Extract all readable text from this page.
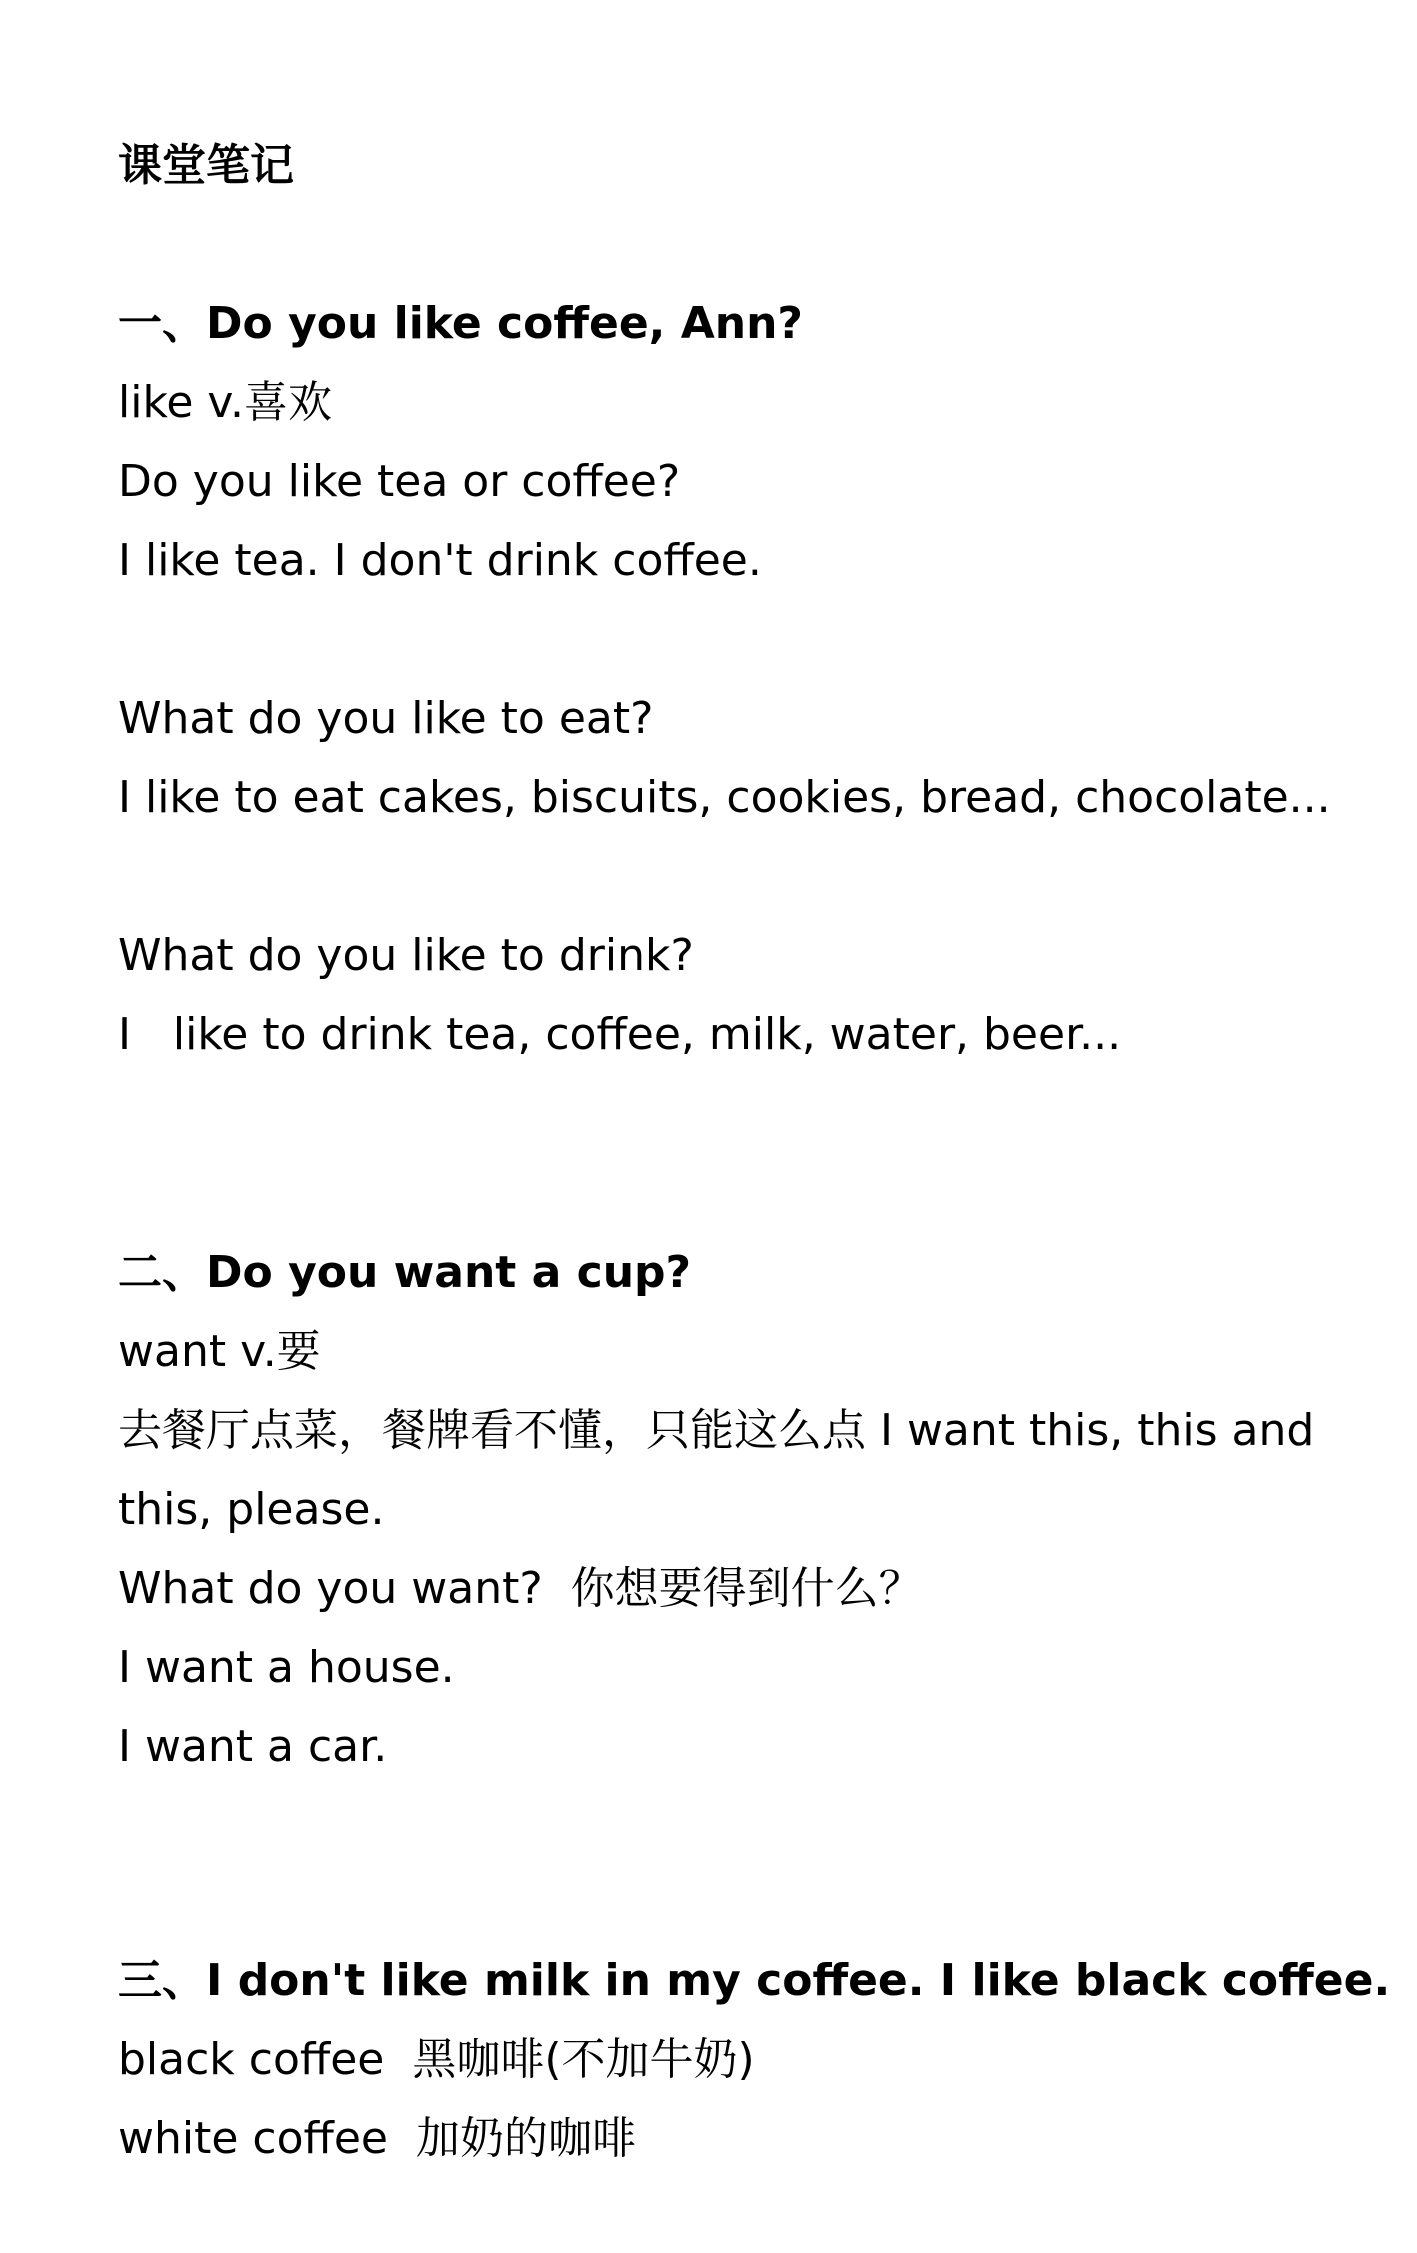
课堂笔记
一、Do you like coffee, Ann?
like v.喜欢
Do you like tea or coffee?
I like tea. I don't drink coffee.
What do you like to eat?
I like to eat cakes, biscuits, cookies, bread, chocolate...
What do you like to drink?
I   like to drink tea, coffee, milk, water, beer...
二、Do you want a cup?
want v.要
去餐厅点菜，餐牌看不懂，只能这么点 I want this, this and
this, please.
What do you want?  你想要得到什么？
I want a house.
I want a car.
三、I don't like milk in my coffee. I like black coffee.
black coffee  黑咖啡(不加牛奶)
white coffee  加奶的咖啡
